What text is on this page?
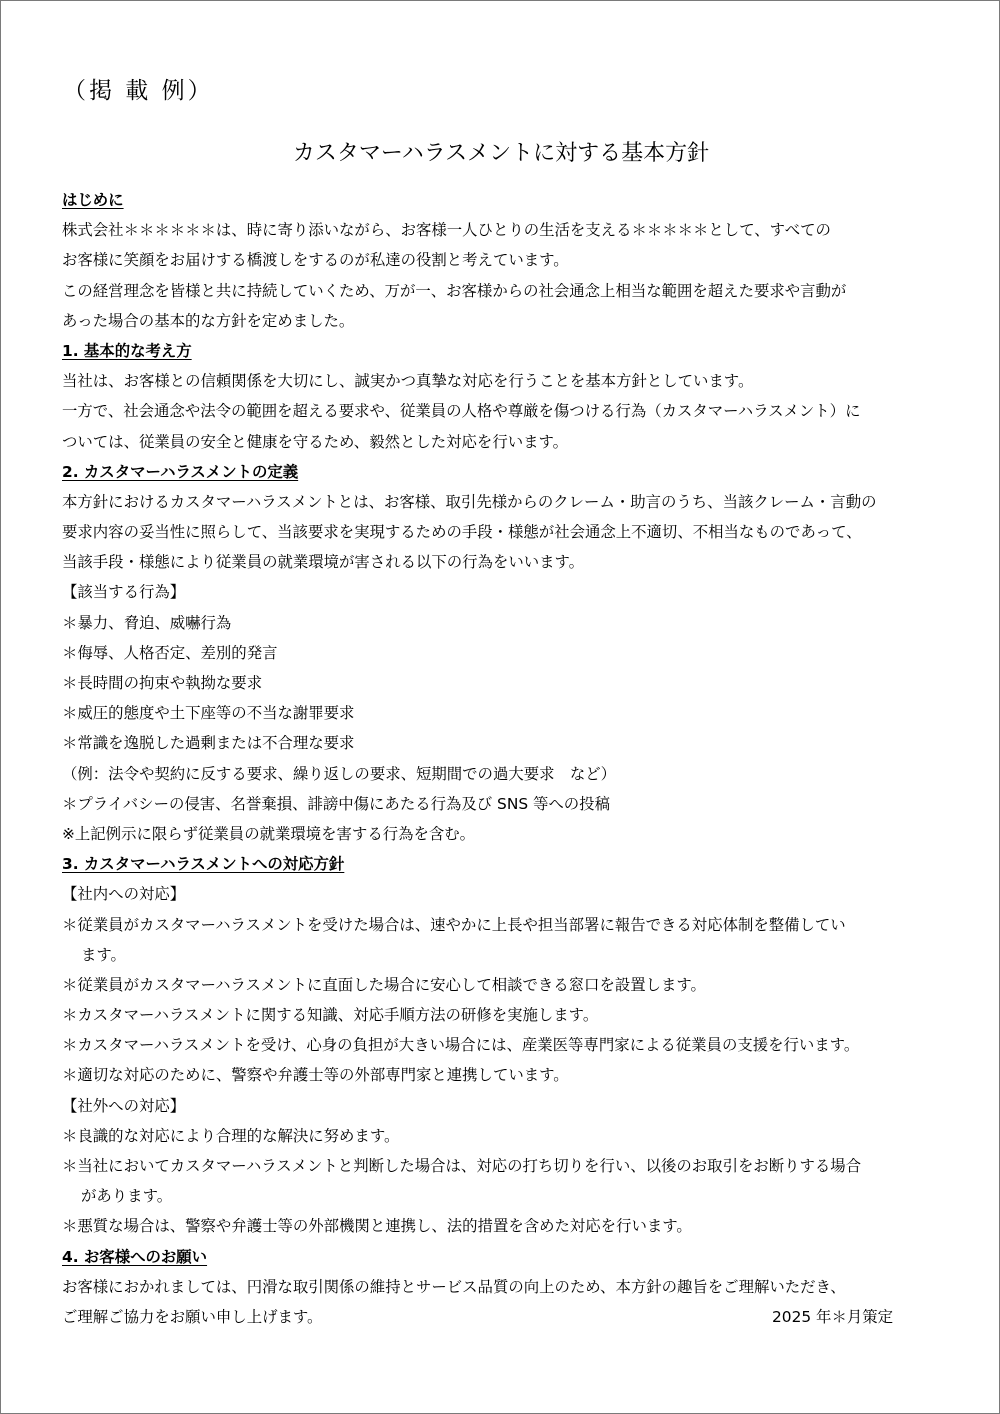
（掲 載 例）
カスタマーハラスメントに対する基本方針
はじめに
株式会社＊＊＊＊＊＊は、時に寄り添いながら、お客様一人ひとりの生活を支える＊＊＊＊＊として、すべての
お客様に笑顔をお届けする橋渡しをするのが私達の役割と考えています。
この経営理念を皆様と共に持続していくため、万が一、お客様からの社会通念上相当な範囲を超えた要求や言動が
あった場合の基本的な方針を定めました。
1. 基本的な考え方
当社は、お客様との信頼関係を大切にし、誠実かつ真摯な対応を行うことを基本方針としています。
一方で、社会通念や法令の範囲を超える要求や、従業員の人格や尊厳を傷つける行為（カスタマーハラスメント）に
ついては、従業員の安全と健康を守るため、毅然とした対応を行います。
2. カスタマーハラスメントの定義
本方針におけるカスタマーハラスメントとは、お客様、取引先様からのクレーム・助言のうち、当該クレーム・言動の
要求内容の妥当性に照らして、当該要求を実現するための手段・様態が社会通念上不適切、不相当なものであって、
当該手段・様態により従業員の就業環境が害される以下の行為をいいます。
【該当する行為】
＊暴力、脅迫、威嚇行為
＊侮辱、人格否定、差別的発言
＊長時間の拘束や執拗な要求
＊威圧的態度や土下座等の不当な謝罪要求
＊常識を逸脱した過剰または不合理な要求
（例：法令や契約に反する要求、繰り返しの要求、短期間での過大要求　など）
＊プライバシーの侵害、名誉棄損、誹謗中傷にあたる行為及び SNS 等への投稿
※上記例示に限らず従業員の就業環境を害する行為を含む。
3. カスタマーハラスメントへの対応方針
【社内への対応】
＊従業員がカスタマーハラスメントを受けた場合は、速やかに上長や担当部署に報告できる対応体制を整備してい
ます。
＊従業員がカスタマーハラスメントに直面した場合に安心して相談できる窓口を設置します。
＊カスタマーハラスメントに関する知識、対応手順方法の研修を実施します。
＊カスタマーハラスメントを受け、心身の負担が大きい場合には、産業医等専門家による従業員の支援を行います。
＊適切な対応のために、警察や弁護士等の外部専門家と連携しています。
【社外への対応】
＊良識的な対応により合理的な解決に努めます。
＊当社においてカスタマーハラスメントと判断した場合は、対応の打ち切りを行い、以後のお取引をお断りする場合
があります。
＊悪質な場合は、警察や弁護士等の外部機関と連携し、法的措置を含めた対応を行います。
4. お客様へのお願い
お客様におかれましては、円滑な取引関係の維持とサービス品質の向上のため、本方針の趣旨をご理解いただき、
ご理解ご協力をお願い申し上げます。	2025 年＊月策定
